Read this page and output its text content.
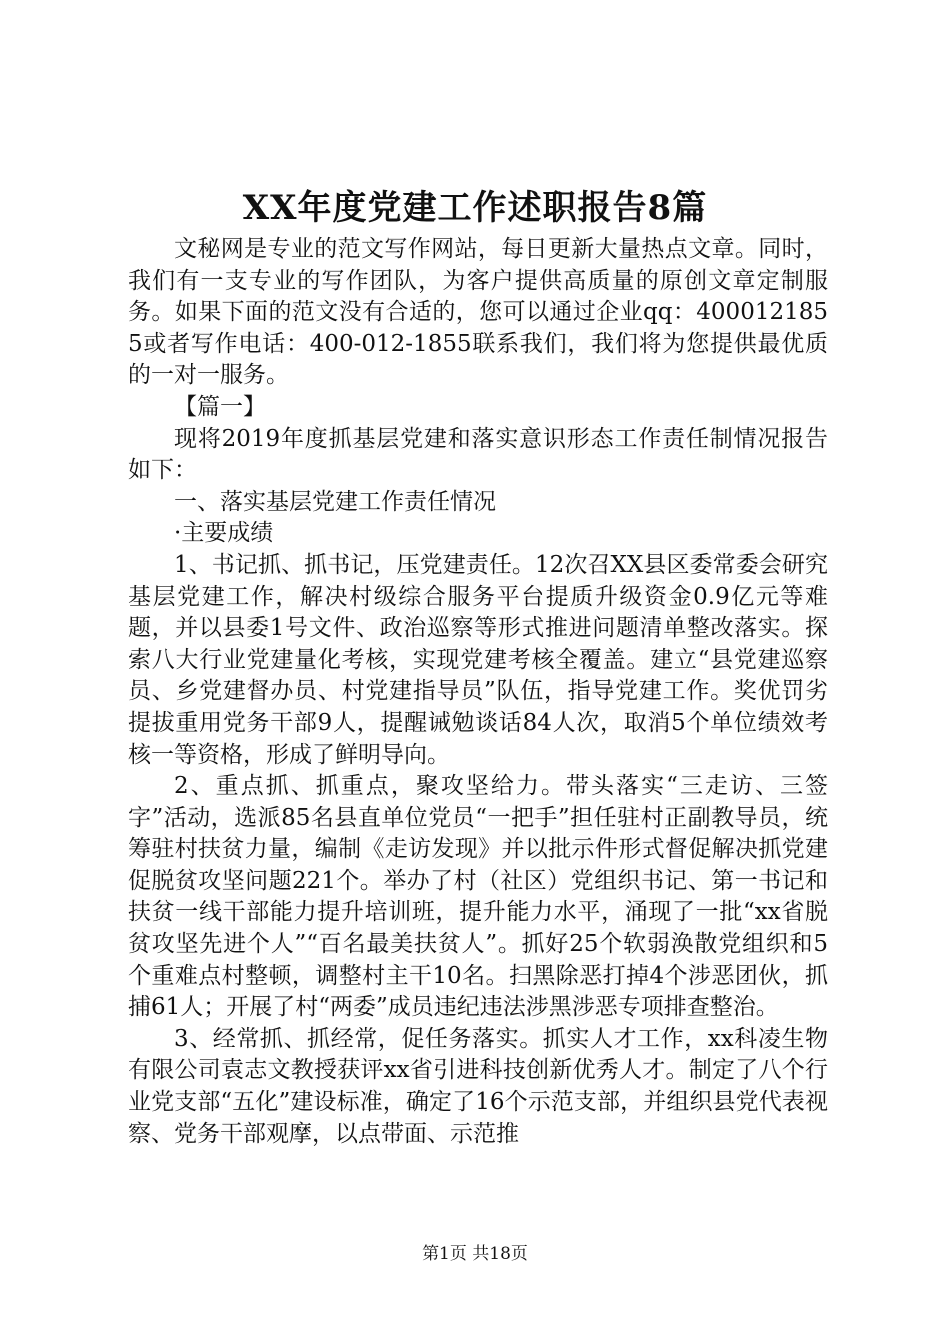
XX年度党建工作述职报告8篇

文秘网是专业的范文写作网站，每日更新大量热点文章。同时，我们有一支专业的写作团队，为客户提供高质量的原创文章定制服务。如果下面的范文没有合适的，您可以通过企业qq：4000121855或者写作电话：400-012-1855联系我们，我们将为您提供最优质的一对一服务。

【篇一】

现将2019年度抓基层党建和落实意识形态工作责任制情况报告如下：

一、落实基层党建工作责任情况

·主要成绩

1、书记抓、抓书记，压党建责任。12次召XX县区委常委会研究基层党建工作，解决村级综合服务平台提质升级资金0.9亿元等难题，并以县委1号文件、政治巡察等形式推进问题清单整改落实。探索八大行业党建量化考核，实现党建考核全覆盖。建立“县党建巡察员、乡党建督办员、村党建指导员”队伍，指导党建工作。奖优罚劣提拔重用党务干部9人，提醒诫勉谈话84人次，取消5个单位绩效考核一等资格，形成了鲜明导向。

2、重点抓、抓重点，聚攻坚给力。带头落实“三走访、三签字”活动，选派85名县直单位党员“一把手”担任驻村正副教导员，统筹驻村扶贫力量，编制《走访发现》并以批示件形式督促解决抓党建促脱贫攻坚问题221个。举办了村（社区）党组织书记、第一书记和扶贫一线干部能力提升培训班，提升能力水平，涌现了一批“xx省脱贫攻坚先进个人”“百名最美扶贫人”。抓好25个软弱涣散党组织和5个重难点村整顿，调整村主干10名。扫黑除恶打掉4个涉恶团伙，抓捕61人；开展了村“两委”成员违纪违法涉黑涉恶专项排查整治。

3、经常抓、抓经常，促任务落实。抓实人才工作，xx科凌生物有限公司袁志文教授获评xx省引进科技创新优秀人才。制定了八个行业党支部“五化”建设标准，确定了16个示范支部，并组织县党代表视察、党务干部观摩，以点带面、示范推

第1页 共18页
